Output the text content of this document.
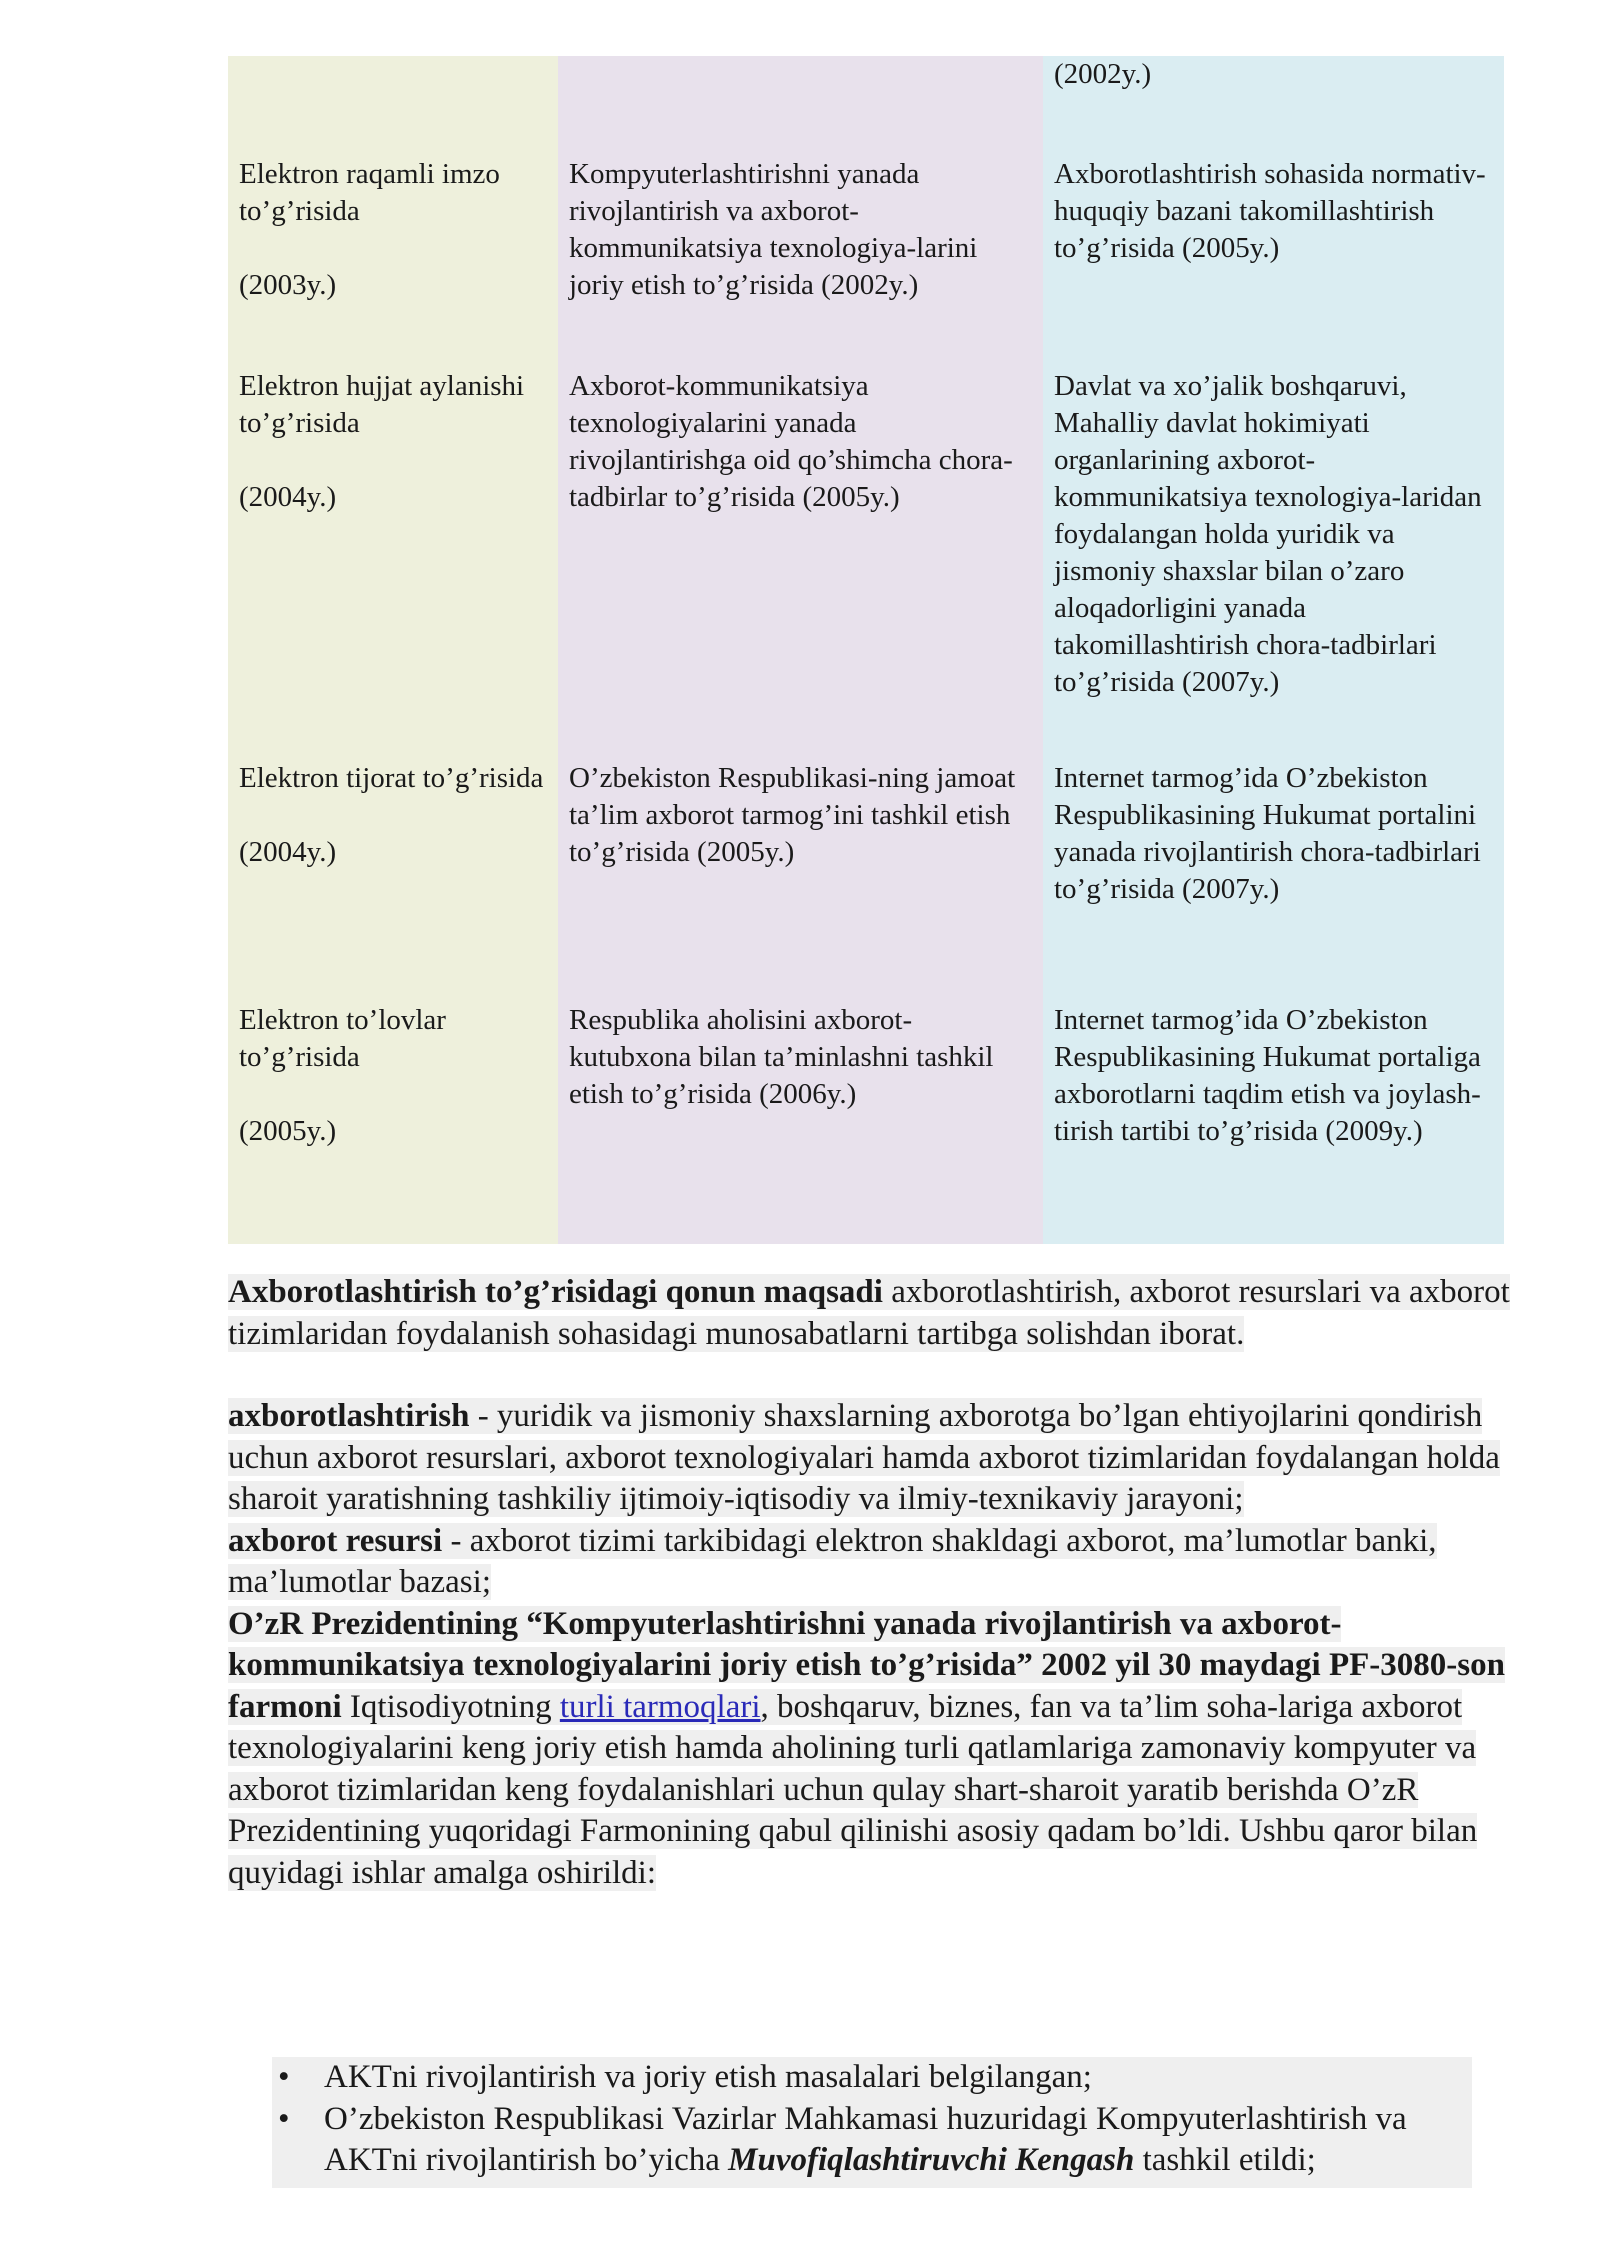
Elektron raqamli imzo to’g’risida

(2003y.)

Elektron hujjat aylanishi to’g’risida

(2004y.)

Elektron tijorat to’g’risida

(2004y.)

Elektron to’lovlar to’g’risida

(2005y.)

Kompyuterlashtirishni yanada rivojlantirish va axborot-kommunikatsiya texnologiya-larini joriy etish to’g’risida (2002y.)

Axborot-kommunikatsiya texnologiyalarini yanada rivojlantirishga oid qo’shimcha chora-tadbirlar to’g’risida (2005y.)

O’zbekiston Respublikasi-ning jamoat ta’lim axborot tarmog’ini tashkil etish to’g’risida (2005y.)

Respublika aholisini axborot-kutubxona bilan ta’minlashni tashkil etish to’g’risida (2006y.)

(2002y.)

Axborotlashtirish sohasida normativ-huquqiy bazani takomillashtirish to’g’risida (2005y.)

Davlat va xo’jalik boshqaruvi, Mahalliy davlat hokimiyati organlarining axborot-kommunikatsiya texnologiya-laridan foydalangan holda yuridik va jismoniy shaxslar bilan o’zaro aloqadorligini yanada takomillashtirish chora-tadbirlari to’g’risida (2007y.)

Internet tarmog’ida O’zbekiston Respublikasining Hukumat portalini yanada rivojlantirish chora-tadbirlari to’g’risida (2007y.)

Internet tarmog’ida O’zbekiston Respublikasining Hukumat portaliga axborotlarni taqdim etish va joylash-tirish tartibi to’g’risida (2009y.)

Axborotlashtirish to’g’risidagi qonun maqsadi axborotlashtirish, axborot resurslari va axborot tizimlaridan foydalanish sohasidagi munosabatlarni tartibga solishdan iborat.

axborotlashtirish - yuridik va jismoniy shaxslarning axborotga bo’lgan ehtiyojlarini qondirish uchun axborot resurslari, axborot texnologiyalari hamda axborot tizimlaridan foydalangan holda sharoit yaratishning tashkiliy ijtimoiy-iqtisodiy va ilmiy-texnikaviy jarayoni;

axborot resursi - axborot tizimi tarkibidagi elektron shakldagi axborot, ma’lumotlar banki, ma’lumotlar bazasi;

O’zR Prezidentining “Kompyuterlashtirishni yanada rivojlantirish va axborot-kommunikatsiya texnologiyalarini joriy etish to’g’risida” 2002 yil 30 maydagi PF-3080-son farmoni Iqtisodiyotning turli tarmoqlari, boshqaruv, biznes, fan va ta’lim soha-lariga axborot texnologiyalarini keng joriy etish hamda aholining turli qatlamlariga zamonaviy kompyuter va axborot tizimlaridan keng foydalanishlari uchun qulay shart-sharoit yaratib berishda O’zR Prezidentining yuqoridagi Farmonining qabul qilinishi asosiy qadam bo’ldi. Ushbu qaror bilan quyidagi ishlar amalga oshirildi:

• AKTni rivojlantirish va joriy etish masalalari belgilangan;
• O’zbekiston Respublikasi Vazirlar Mahkamasi huzuridagi Kompyuterlashtirish va AKTni rivojlantirish bo’yicha Muvofiqlashtiruvchi Kengash tashkil etildi;
